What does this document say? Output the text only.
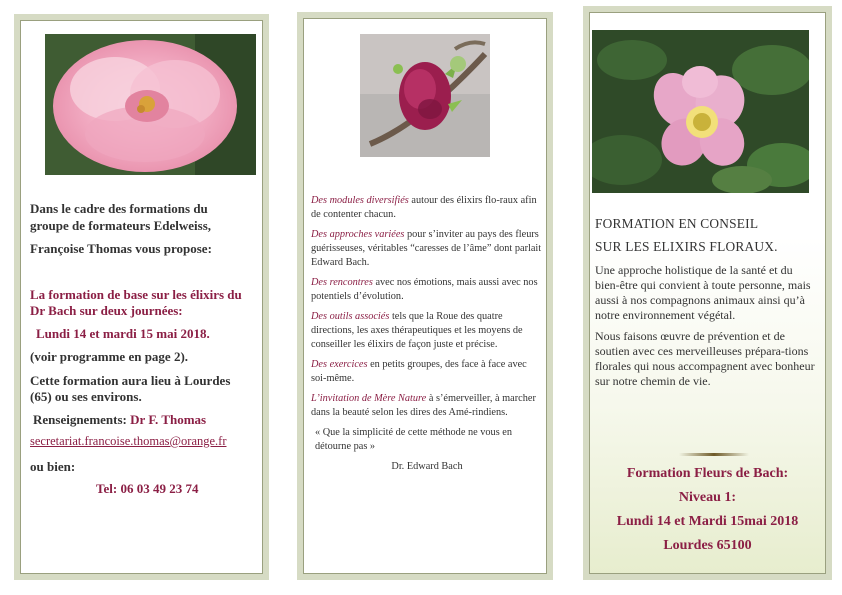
Dans le cadre des formations du

groupe de formateurs Edelweiss,

Françoise Thomas vous propose:

La formation de base sur les élixirs du

Dr Bach sur deux journées:

Lundi 14 et mardi 15 mai 2018.

(voir programme en page 2).

Cette formation aura lieu à Lourdes

(65) ou ses environs.

Renseignements: Dr F. Thomas

secretariat.francoise.thomas@orange.fr

ou bien:

Tel: 06 03 49 23 74

Des modules diversifiés autour des élixirs flo-raux afin de contenter chacun.

Des approches variées pour s’inviter au pays des fleurs guérisseuses, véritables “caresses de l’âme” dont parlait Edward Bach.

Des rencontres avec nos émotions, mais aussi avec nos potentiels d’évolution.

Des outils associés tels que la Roue des quatre directions, les axes thérapeutiques et les moyens de conseiller les élixirs de façon juste et précise.

Des exercices en petits groupes, des face à face avec soi-même.

L’invitation de Mère Nature à s’émerveiller, à marcher dans la beauté selon les dires des Amé-rindiens.

« Que la simplicité de cette méthode ne vous en détourne pas »

Dr. Edward Bach

FORMATION EN CONSEIL

SUR LES ELIXIRS FLORAUX.

Une approche holistique de la santé et du bien-être qui convient à toute personne, mais aussi à nos compagnons animaux ainsi qu’à notre environnement végétal.

Nous faisons œuvre de prévention et de soutien avec ces merveilleuses prépara-tions florales qui nous accompagnent avec bonheur sur notre chemin de vie.

Formation Fleurs de Bach:
Niveau 1:
Lundi 14 et Mardi 15mai 2018
Lourdes 65100
